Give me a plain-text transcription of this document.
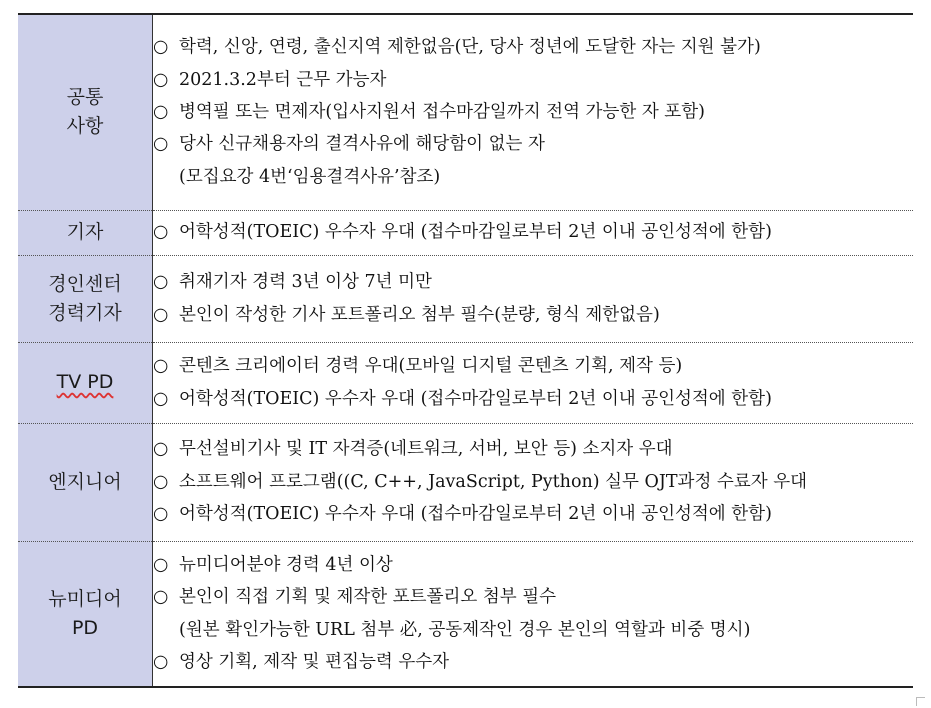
공통
사항	○ 학력, 신앙, 연령, 출신지역 제한없음(단, 당사 정년에 도달한 자는 지원 불가)
○ 2021.3.2부터 근무 가능자
○ 병역필 또는 면제자(입사지원서 접수마감일까지 전역 가능한 자 포함)
○ 당사 신규채용자의 결격사유에 해당함이 없는 자
(모집요강 4번‘임용결격사유’참조)

기자	○ 어학성적(TOEIC) 우수자 우대 (접수마감일로부터 2년 이내 공인성적에 한함)

경인센터
경력기자	○ 취재기자 경력 3년 이상 7년 미만
○ 본인이 작성한 기사 포트폴리오 첨부 필수(분량, 형식 제한없음)

TV PD	○ 콘텐츠 크리에이터 경력 우대(모바일 디지털 콘텐츠 기획, 제작 등)
○ 어학성적(TOEIC) 우수자 우대 (접수마감일로부터 2년 이내 공인성적에 한함)

엔지니어	○ 무선설비기사 및 IT 자격증(네트워크, 서버, 보안 등) 소지자 우대
○ 소프트웨어 프로그램((C, C++, JavaScript, Python) 실무 OJT과정 수료자 우대
○ 어학성적(TOEIC) 우수자 우대 (접수마감일로부터 2년 이내 공인성적에 한함)

뉴미디어
PD	○ 뉴미디어분야 경력 4년 이상
○ 본인이 직접 기획 및 제작한 포트폴리오 첨부 필수
(원본 확인가능한 URL 첨부 必, 공동제작인 경우 본인의 역할과 비중 명시)
○ 영상 기획, 제작 및 편집능력 우수자
